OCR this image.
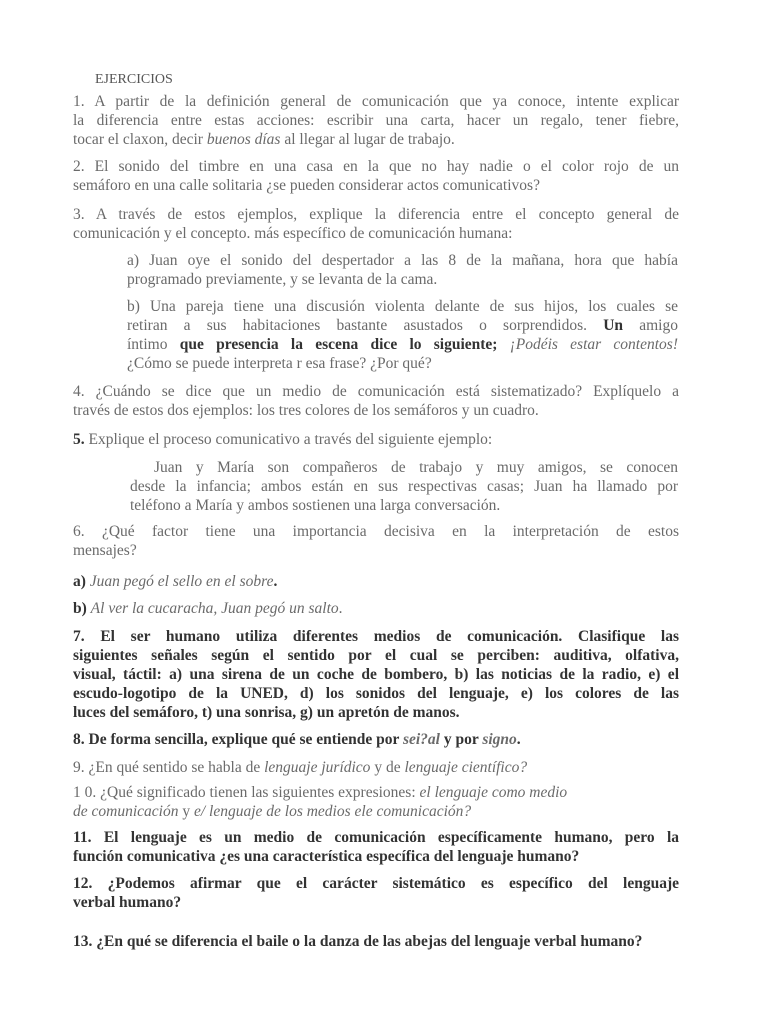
EJERCICIOS
1. A partir de la definición general de comunicación que ya conoce, intente explicar
la diferencia entre estas acciones: escribir una carta, hacer un regalo, tener fiebre,
tocar el claxon, decir buenos días al llegar al lugar de trabajo.
2. El sonido del timbre en una casa en la que no hay nadie o el color rojo de un
semáforo en una calle solitaria ¿se pueden considerar actos comunicativos?
3. A través de estos ejemplos, explique la diferencia entre el concepto general de
comunicación y el concepto. más específico de comunicación humana:
a) Juan oye el sonido del despertador a las 8 de la mañana, hora que había
programado previamente, y se levanta de la cama.
b) Una pareja tiene una discusión violenta delante de sus hijos, los cuales se
retiran a sus habitaciones bastante asustados o sorprendidos. Un amigo
íntimo que presencia la escena dice lo siguiente; ¡Podéis estar contentos!
¿Cómo se puede interpreta r esa frase? ¿Por qué?
4. ¿Cuándo se dice que un medio de comunicación está sistematizado? Explíquelo a
través de estos dos ejemplos: los tres colores de los semáforos y un cuadro.
5. Explique el proceso comunicativo a través del siguiente ejemplo:
Juan y María son compañeros de trabajo y muy amigos, se conocen
desde la infancia; ambos están en sus respectivas casas; Juan ha llamado por
teléfono a María y ambos sostienen una larga conversación.
6. ¿Qué factor tiene una importancia decisiva en la interpretación de estos
mensajes?
a) Juan pegó el sello en el sobre.
b) Al ver la cucaracha, Juan pegó un salto.
7. El ser humano utiliza diferentes medios de comunicación. Clasifique las
siguientes señales según el sentido por el cual se perciben: auditiva, olfativa,
visual, táctil: a) una sirena de un coche de bombero, b) las noticias de la radio, e) el
escudo-logotipo de la UNED, d) los sonidos del lenguaje, e) los colores de las
luces del semáforo, t) una sonrisa, g) un apretón de manos.
8. De forma sencilla, explique qué se entiende por sei?al y por signo.
9. ¿En qué sentido se habla de lenguaje jurídico y de lenguaje científico?
1 0. ¿Qué significado tienen las siguientes expresiones: el lenguaje como medio
de comunicación y e/ lenguaje de los medios ele comunicación?
11. El lenguaje es un medio de comunicación específicamente humano, pero la
función comunicativa ¿es una característica específica del lenguaje humano?
12. ¿Podemos afirmar que el carácter sistemático es específico del lenguaje
verbal humano?
13. ¿En qué se diferencia el baile o la danza de las abejas del lenguaje verbal humano?
